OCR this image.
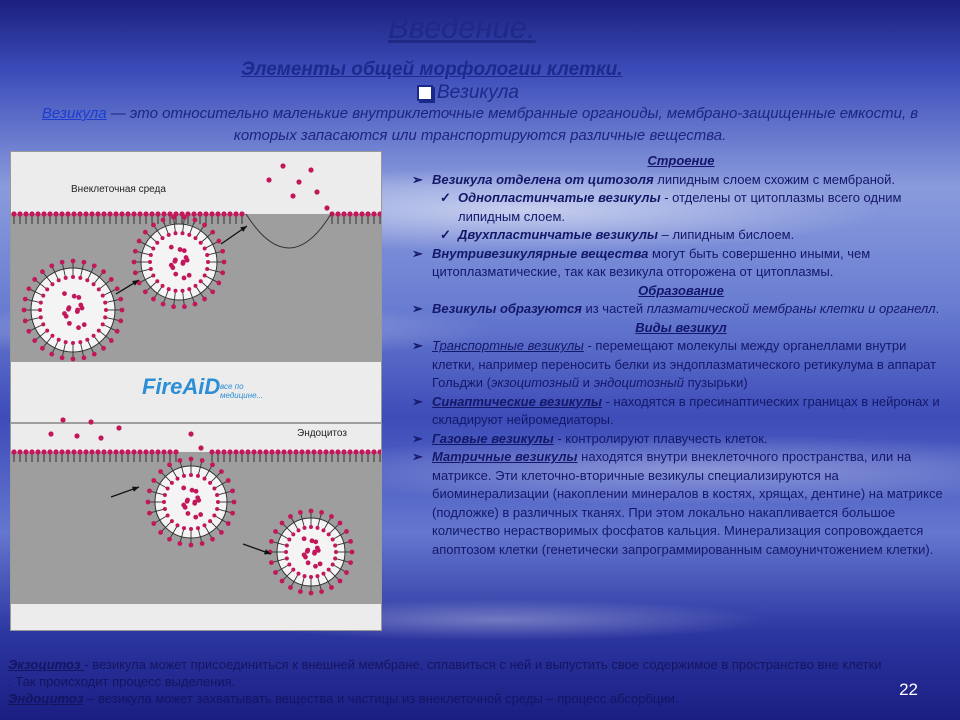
Введение.
Элементы общей морфологии клетки.
Везикула
Везикула — это относительно маленькие внутриклеточные мембранные органоиды, мембрано-защищенные емкости, в которых запасаются или транспортируются различные вещества.
Внеклеточная среда
Эндоцитоз
FireAiD все по медицине...
Строение
➢ Везикула отделена от цитозоля липидным слоем схожим с мембраной.
✓ Однопластинчатые везикулы - отделены от цитоплазмы всего одним липидным слоем.
✓ Двухпластинчатые везикулы – липидным бислоем.
➢ Внутривезикулярные вещества могут быть совершенно иными, чем цитоплазматические, так как везикула отгорожена от цитоплазмы.
Образование
➢ Везикулы образуются из частей плазматической мембраны клетки и органелл.
Виды везикул
➢ Транспортные везикулы - перемещают молекулы между органеллами внутри клетки, например переносить белки из эндоплазматического ретикулума в аппарат Гольджи (экзоцитозный и эндоцитозный пузырьки)
➢ Синаптические везикулы - находятся в пресинаптических границах в нейронах и складируют нейромедиаторы.
➢ Газовые везикулы - контролируют плавучесть клеток.
➢ Матричные везикулы находятся внутри внеклеточного пространства, или на матриксе. Эти клеточно-вторичные везикулы специализируются на биоминерализации (накоплении минералов в костях, хрящах, дентине) на матриксе (подложке) в различных тканях. При этом локально накапливается большое количество нерастворимых фосфатов кальция. Минерализация сопровождается апоптозом клетки (генетически запрограммированным самоуничтожением клетки).
Экзоцитоз - везикула может присоединиться к внешней мембране, сплавиться с ней и выпустить свое содержимое в пространство вне клетки . Так происходит процесс выделения.
Эндоцитоз – везикула может захватывать вещества и частицы из внеклеточной среды – процесс абсорбции.	22
